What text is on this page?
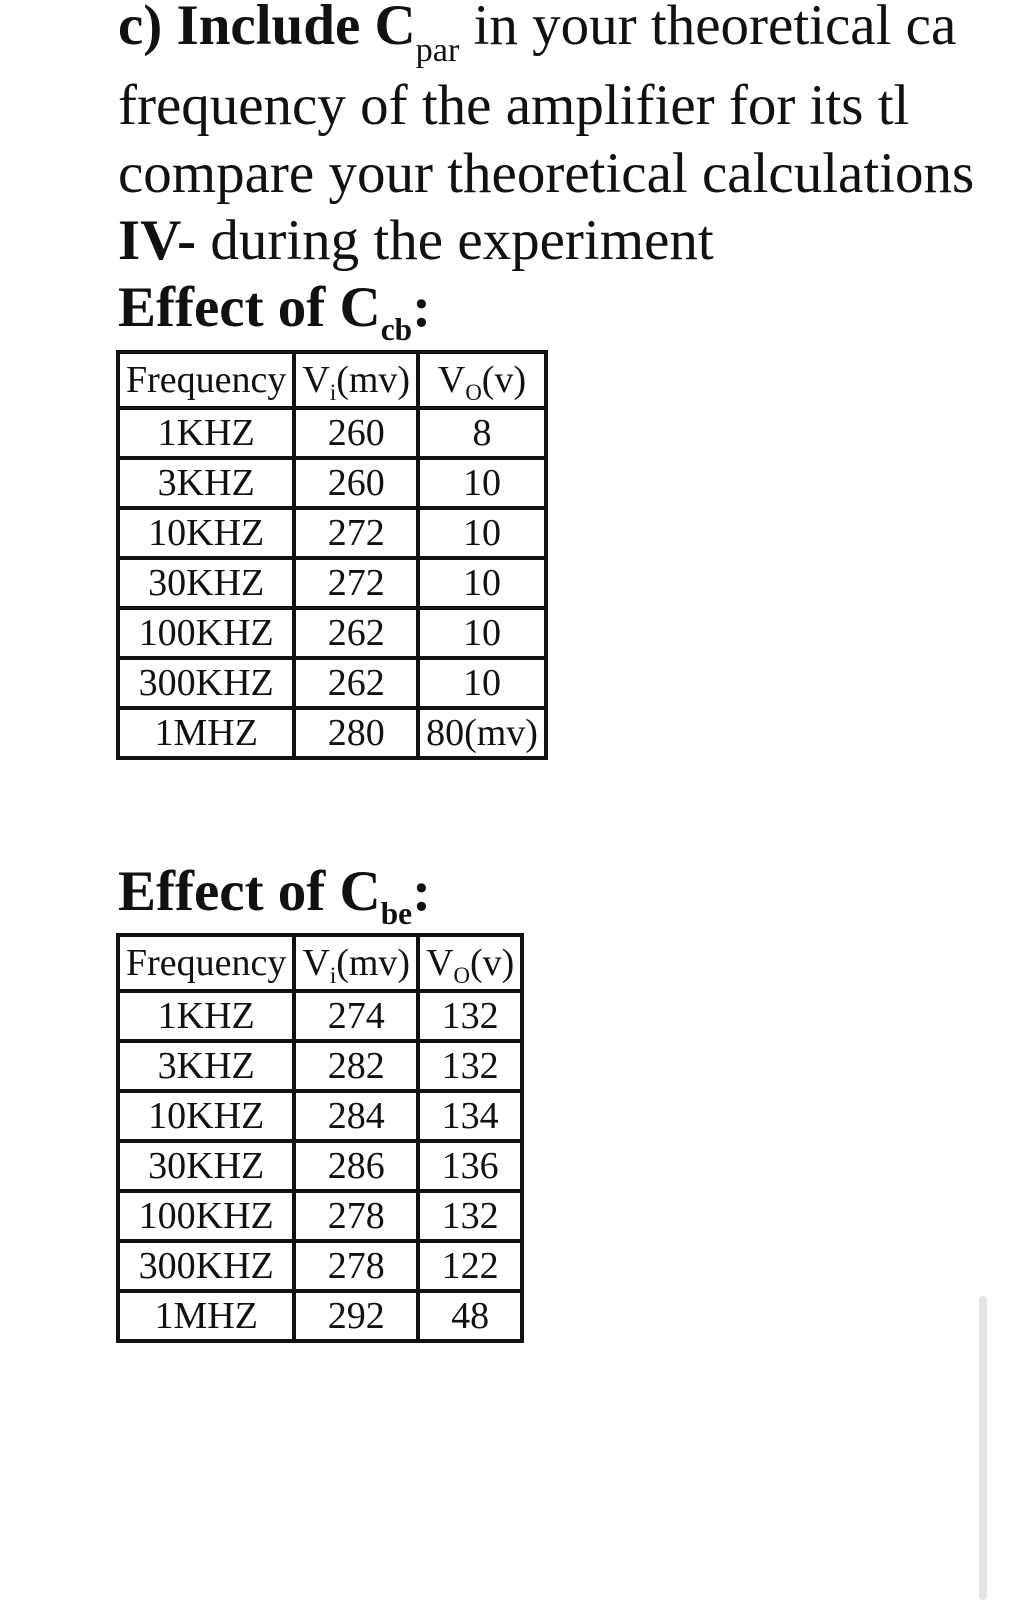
c) Include $C_{par}$ in your theoretical ca
frequency of the amplifier for its tl
compare your theoretical calculations
IV- during the experiment
Effect of $C_{cb}$:
Frequency	$V_i(mv)$	$V_O(v)$
1KHZ	260	8
3KHZ	260	10
10KHZ	272	10
30KHZ	272	10
100KHZ	262	10
300KHZ	262	10
1MHZ	280	80(mv)
Effect of $C_{be}$:
Frequency	$V_i(mv)$	$V_O(v)$
1KHZ	274	132
3KHZ	282	132
10KHZ	284	134
30KHZ	286	136
100KHZ	278	132
300KHZ	278	122
1MHZ	292	48
